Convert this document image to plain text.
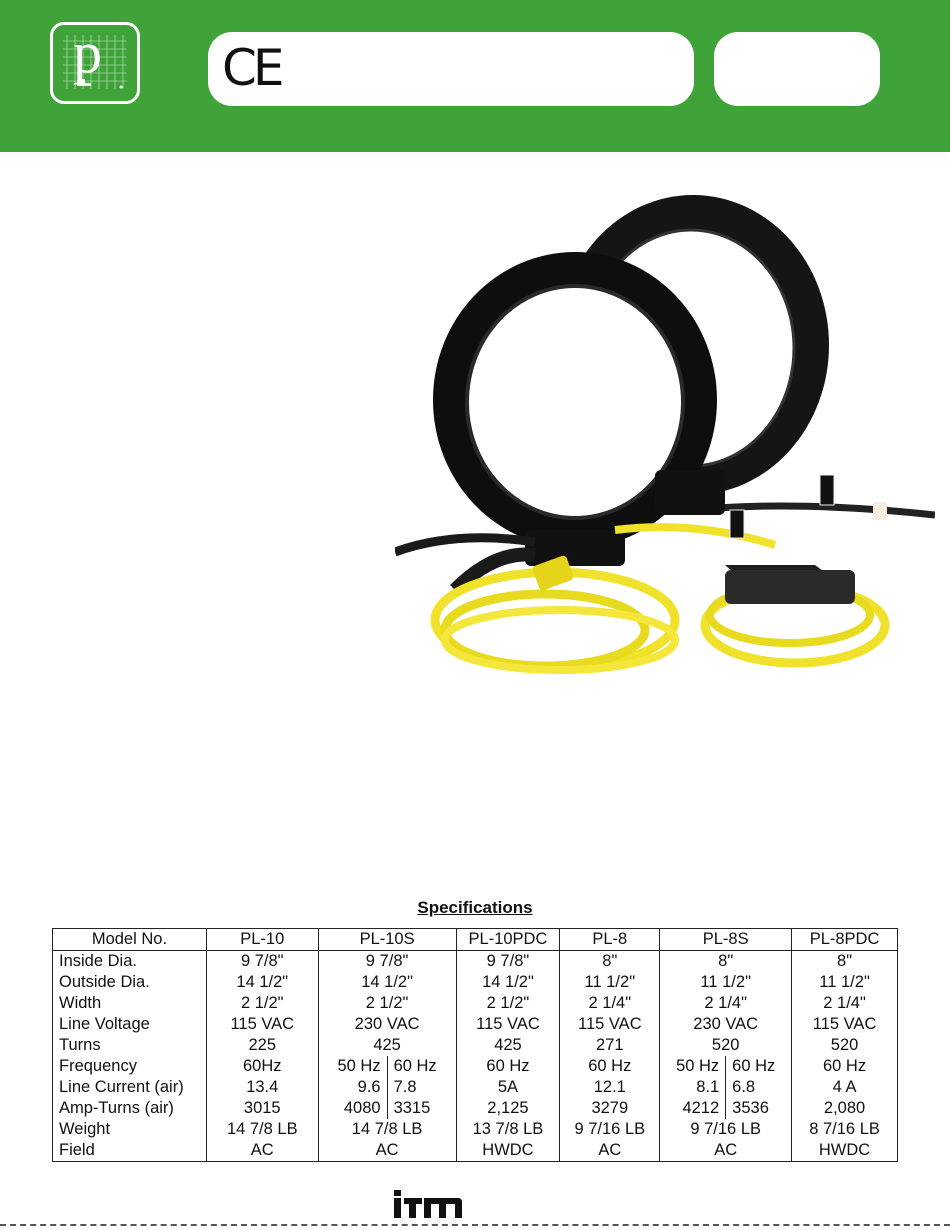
p CE
Specifications
Model No.	PL-10	PL-10S	PL-10PDC	PL-8	PL-8S	PL-8PDC
Inside Dia.	9 7/8"	9 7/8"	9 7/8"	8"	8"	8"
Outside Dia.	14 1/2"	14 1/2"	14 1/2"	11 1/2"	11 1/2"	11 1/2"
Width	2 1/2"	2 1/2"	2 1/2"	2 1/4"	2 1/4"	2 1/4"
Line Voltage	115 VAC	230 VAC	115 VAC	115 VAC	230 VAC	115 VAC
Turns	225	425	425	271	520	520
Frequency	60Hz	50 Hz 60 Hz	60 Hz	60 Hz	50 Hz 60 Hz	60 Hz
Line Current (air)	13.4	9.6 7.8	5A	12.1	8.1 6.8	4 A
Amp-Turns (air)	3015	4080 3315	2,125	3279	4212 3536	2,080
Weight	14 7/8 LB	14 7/8 LB	13 7/8 LB	9 7/16 LB	9 7/16 LB	8 7/16 LB
Field	AC	AC	HWDC	AC	AC	HWDC
